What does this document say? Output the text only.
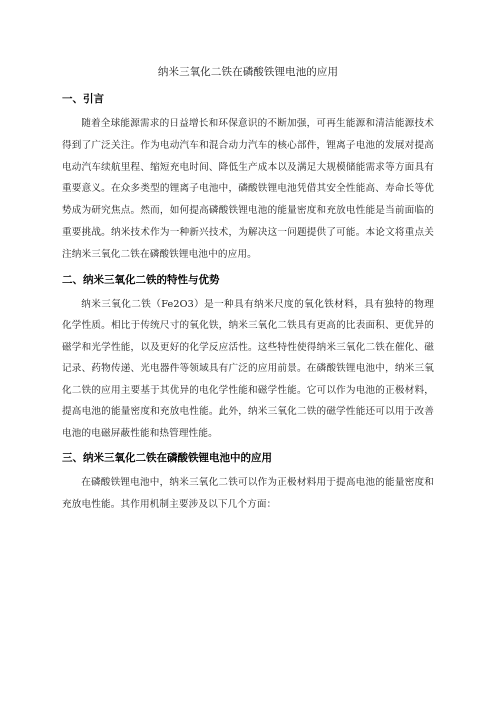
纳米三氧化二铁在磷酸铁锂电池的应用
一、引言

随着全球能源需求的日益增长和环保意识的不断加强，可再生能源和清洁能源技术得到了广泛关注。作为电动汽车和混合动力汽车的核心部件，锂离子电池的发展对提高电动汽车续航里程、缩短充电时间、降低生产成本以及满足大规模储能需求等方面具有重要意义。在众多类型的锂离子电池中，磷酸铁锂电池凭借其安全性能高、寿命长等优势成为研究焦点。然而，如何提高磷酸铁锂电池的能量密度和充放电性能是当前面临的重要挑战。纳米技术作为一种新兴技术，为解决这一问题提供了可能。本论文将重点关注纳米三氧化二铁在磷酸铁锂电池中的应用。

二、纳米三氧化二铁的特性与优势

纳米三氧化二铁（Fe2O3）是一种具有纳米尺度的氧化铁材料，具有独特的物理化学性质。相比于传统尺寸的氧化铁，纳米三氧化二铁具有更高的比表面积、更优异的磁学和光学性能，以及更好的化学反应活性。这些特性使得纳米三氧化二铁在催化、磁记录、药物传递、光电器件等领域具有广泛的应用前景。在磷酸铁锂电池中，纳米三氧化二铁的应用主要基于其优异的电化学性能和磁学性能。它可以作为电池的正极材料，提高电池的能量密度和充放电性能。此外，纳米三氧化二铁的磁学性能还可以用于改善电池的电磁屏蔽性能和热管理性能。

三、纳米三氧化二铁在磷酸铁锂电池中的应用

在磷酸铁锂电池中，纳米三氧化二铁可以作为正极材料用于提高电池的能量密度和充放电性能。其作用机制主要涉及以下几个方面：
